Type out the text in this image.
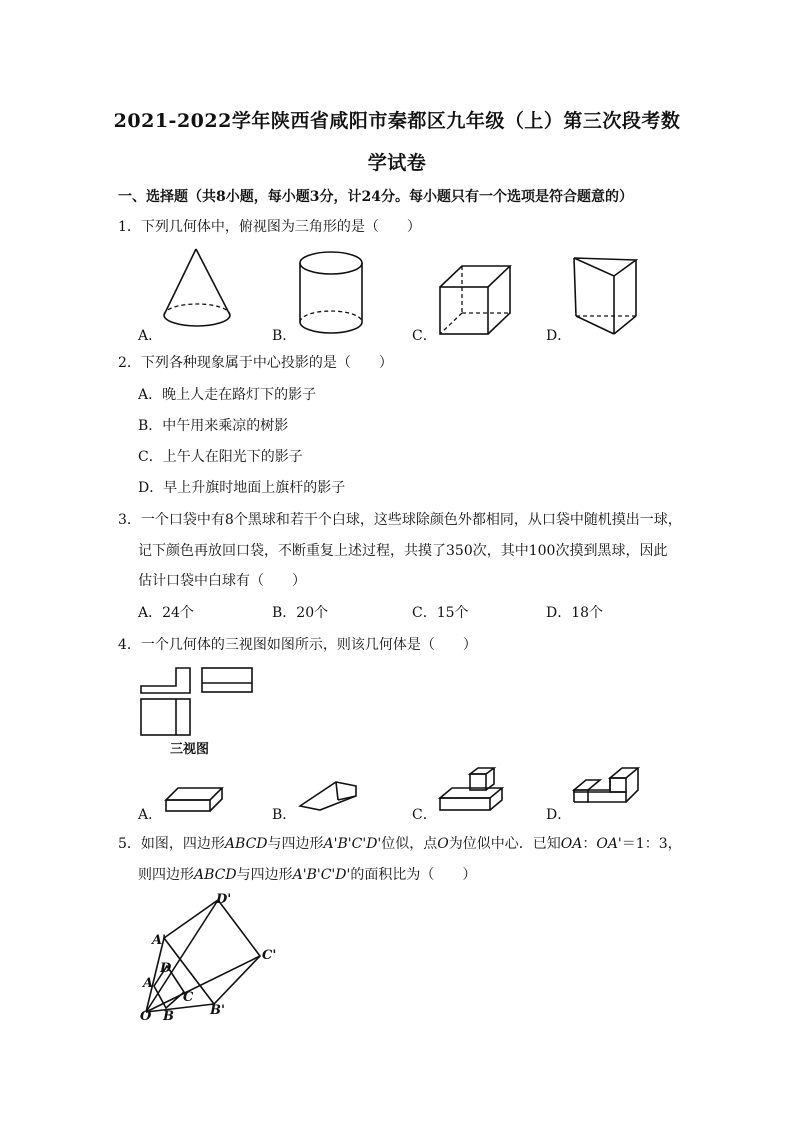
2021-2022学年陕西省咸阳市秦都区九年级（上）第三次段考数
学试卷
一、选择题（共8小题，每小题3分，计24分。每小题只有一个选项是符合题意的）
1．下列几何体中，俯视图为三角形的是（　　）
A．	B．	C．	D．
2．下列各种现象属于中心投影的是（　　）
A．晚上人走在路灯下的影子
B．中午用来乘凉的树影
C．上午人在阳光下的影子
D．早上升旗时地面上旗杆的影子
3．一个口袋中有8个黑球和若干个白球，这些球除颜色外都相同，从口袋中随机摸出一球，
记下颜色再放回口袋，不断重复上述过程，共摸了350次，其中100次摸到黑球，因此
估计口袋中白球有（　　）
A．24个	B．20个	C．15个	D．18个
4．一个几何体的三视图如图所示，则该几何体是（　　）
三视图
A．	B．	C．	D．
5．如图，四边形ABCD与四边形A'B'C'D'位似，点O为位似中心．已知OA：OA'＝1：3，
则四边形ABCD与四边形A'B'C'D'的面积比为（　　）
D'
A'
C'
D
A
C
O B	B'
